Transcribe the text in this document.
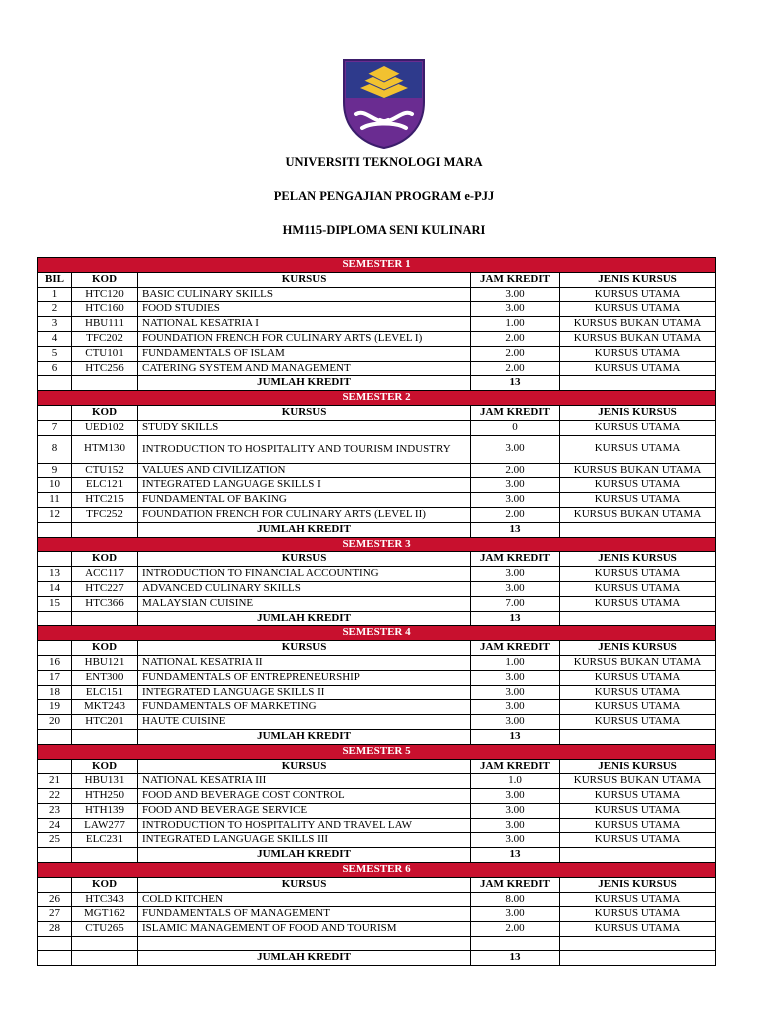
UNIVERSITI TEKNOLOGI MARA
PELAN PENGAJIAN PROGRAM e-PJJ
HM115-DIPLOMA SENI KULINARI
SEMESTER 1				
BIL	KOD	KURSUS	JAM KREDIT	JENIS KURSUS
1	HTC120	BASIC CULINARY SKILLS	3.00	KURSUS UTAMA
2	HTC160	FOOD STUDIES	3.00	KURSUS UTAMA
3	HBU111	NATIONAL KESATRIA I	1.00	KURSUS BUKAN UTAMA
4	TFC202	FOUNDATION FRENCH FOR CULINARY ARTS (LEVEL I)	2.00	KURSUS BUKAN UTAMA
5	CTU101	FUNDAMENTALS OF ISLAM	2.00	KURSUS UTAMA
6	HTC256	CATERING SYSTEM AND MANAGEMENT	2.00	KURSUS UTAMA
		JUMLAH KREDIT	13	
SEMESTER 2				
	KOD	KURSUS	JAM KREDIT	JENIS KURSUS
7	UED102	STUDY SKILLS	0	KURSUS UTAMA
8	HTM130	INTRODUCTION TO HOSPITALITY AND TOURISM INDUSTRY	3.00	KURSUS UTAMA
9	CTU152	VALUES AND CIVILIZATION	2.00	KURSUS BUKAN UTAMA
10	ELC121	INTEGRATED LANGUAGE SKILLS I	3.00	KURSUS UTAMA
11	HTC215	FUNDAMENTAL OF BAKING	3.00	KURSUS UTAMA
12	TFC252	FOUNDATION FRENCH FOR CULINARY ARTS (LEVEL II)	2.00	KURSUS BUKAN UTAMA
		JUMLAH KREDIT	13	
SEMESTER 3				
	KOD	KURSUS	JAM KREDIT	JENIS KURSUS
13	ACC117	INTRODUCTION TO FINANCIAL ACCOUNTING	3.00	KURSUS UTAMA
14	HTC227	ADVANCED CULINARY SKILLS	3.00	KURSUS UTAMA
15	HTC366	MALAYSIAN CUISINE	7.00	KURSUS UTAMA
		JUMLAH KREDIT	13	
SEMESTER 4				
	KOD	KURSUS	JAM KREDIT	JENIS KURSUS
16	HBU121	NATIONAL KESATRIA II	1.00	KURSUS BUKAN UTAMA
17	ENT300	FUNDAMENTALS OF ENTREPRENEURSHIP	3.00	KURSUS UTAMA
18	ELC151	INTEGRATED LANGUAGE SKILLS II	3.00	KURSUS UTAMA
19	MKT243	FUNDAMENTALS OF MARKETING	3.00	KURSUS UTAMA
20	HTC201	HAUTE CUISINE	3.00	KURSUS UTAMA
		JUMLAH KREDIT	13	
SEMESTER 5				
	KOD	KURSUS	JAM KREDIT	JENIS KURSUS
21	HBU131	NATIONAL KESATRIA III	1.0	KURSUS BUKAN UTAMA
22	HTH250	FOOD AND BEVERAGE COST CONTROL	3.00	KURSUS UTAMA
23	HTH139	FOOD AND BEVERAGE SERVICE	3.00	KURSUS UTAMA
24	LAW277	INTRODUCTION TO HOSPITALITY AND TRAVEL LAW	3.00	KURSUS UTAMA
25	ELC231	INTEGRATED LANGUAGE SKILLS III	3.00	KURSUS UTAMA
		JUMLAH KREDIT	13	
SEMESTER 6				
	KOD	KURSUS	JAM KREDIT	JENIS KURSUS
26	HTC343	COLD KITCHEN	8.00	KURSUS UTAMA
27	MGT162	FUNDAMENTALS OF MANAGEMENT	3.00	KURSUS UTAMA
28	CTU265	ISLAMIC MANAGEMENT OF FOOD AND TOURISM	2.00	KURSUS UTAMA

		JUMLAH KREDIT	13	
